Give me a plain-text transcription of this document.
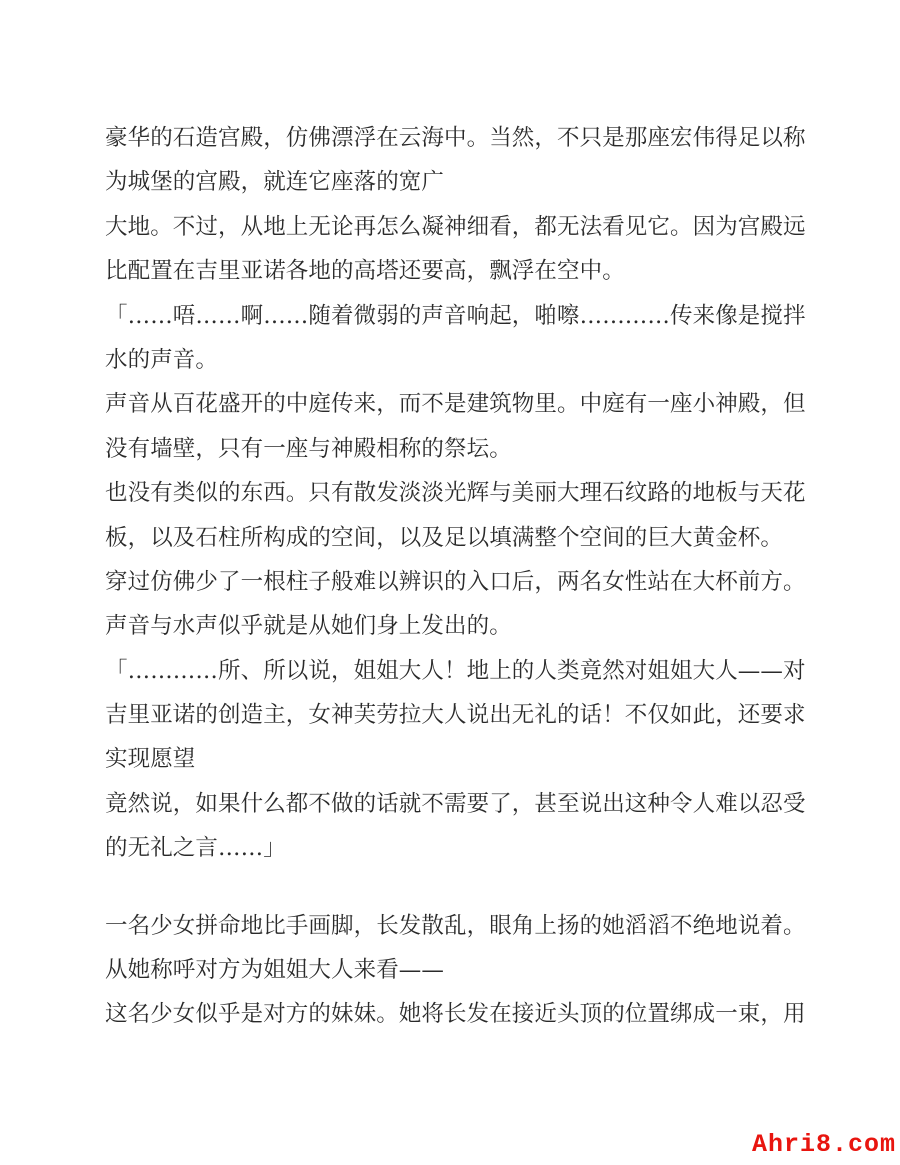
豪华的石造宫殿，仿佛漂浮在云海中。当然，不只是那座宏伟得足以称
为城堡的宫殿，就连它座落的宽广
大地。不过，从地上无论再怎么凝神细看，都无法看见它。因为宫殿远
比配置在吉里亚诺各地的高塔还要高，飘浮在空中。
「……唔……啊……随着微弱的声音响起，啪嚓…………传来像是搅拌
水的声音。
声音从百花盛开的中庭传来，而不是建筑物里。中庭有一座小神殿，但
没有墙壁，只有一座与神殿相称的祭坛。
也没有类似的东西。只有散发淡淡光辉与美丽大理石纹路的地板与天花
板，以及石柱所构成的空间，以及足以填满整个空间的巨大黄金杯。
穿过仿佛少了一根柱子般难以辨识的入口后，两名女性站在大杯前方。
声音与水声似乎就是从她们身上发出的。
「…………所、所以说，姐姐大人！地上的人类竟然对姐姐大人——对
吉里亚诺的创造主，女神芙劳拉大人说出无礼的话！不仅如此，还要求
实现愿望
竟然说，如果什么都不做的话就不需要了，甚至说出这种令人难以忍受
的无礼之言……」
一名少女拼命地比手画脚，长发散乱，眼角上扬的她滔滔不绝地说着。
从她称呼对方为姐姐大人来看——
这名少女似乎是对方的妹妹。她将长发在接近头顶的位置绑成一束，用
Ahri8.com
